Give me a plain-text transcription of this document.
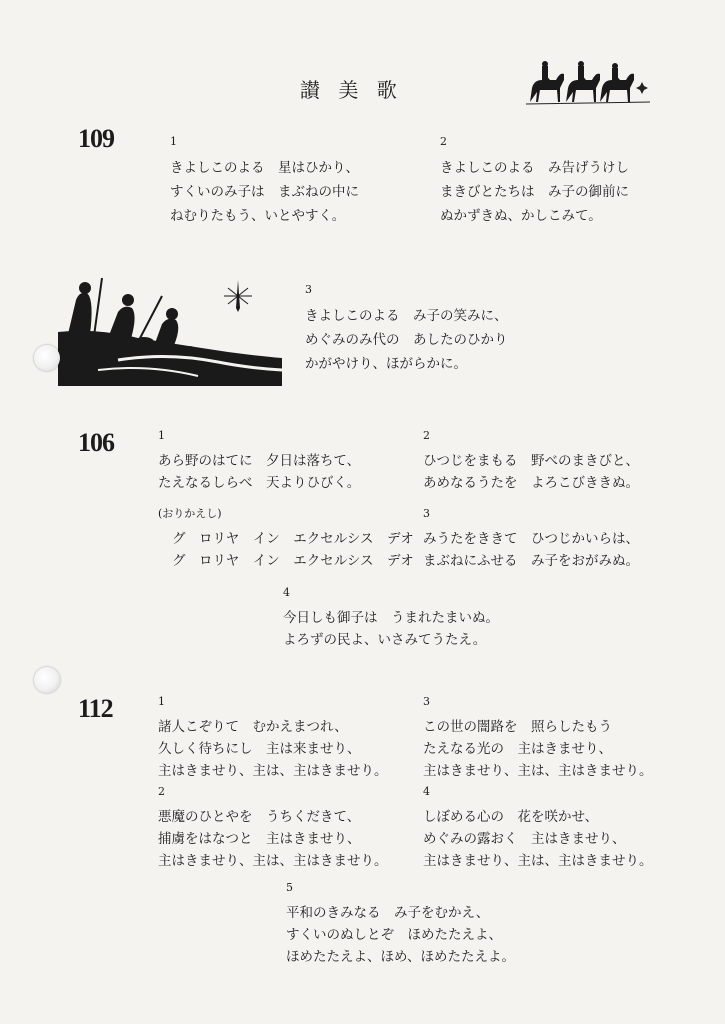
讃 美 歌
109	1
きよしこのよる　星はひかり、
すくいのみ子は　まぶねの中に
ねむりたもう、いとやすく。
2
きよしこのよる　み告げうけし
まきびとたちは　み子の御前に
ぬかずきぬ、かしこみて。
3
きよしこのよる　み子の笑みに、
めぐみのみ代の　あしたのひかり
かがやけり、ほがらかに。
106	1
あら野のはてに　夕日は落ちて、
たえなるしらべ　天よりひびく。
2
ひつじをまもる　野べのまきびと、
あめなるうたを　よろこびききぬ。
(おりかえし)
グ　ロリヤ　イン　エクセルシス　デオ
グ　ロリヤ　イン　エクセルシス　デオ
3
みうたをききて　ひつじかいらは、
まぶねにふせる　み子をおがみぬ。
4
今日しも御子は　うまれたまいぬ。
よろずの民よ、いさみてうたえ。
112	1
諸人こぞりて　むかえまつれ、
久しく待ちにし　主は来ませり、
主はきませり、主は、主はきませり。
3
この世の闇路を　照らしたもう
たえなる光の　主はきませり、
主はきませり、主は、主はきませり。
2
悪魔のひとやを　うちくだきて、
捕虜をはなつと　主はきませり、
主はきませり、主は、主はきませり。
4
しぼめる心の　花を咲かせ、
めぐみの露おく　主はきませり、
主はきませり、主は、主はきませり。
5
平和のきみなる　み子をむかえ、
すくいのぬしとぞ　ほめたたえよ、
ほめたたえよ、ほめ、ほめたたえよ。
